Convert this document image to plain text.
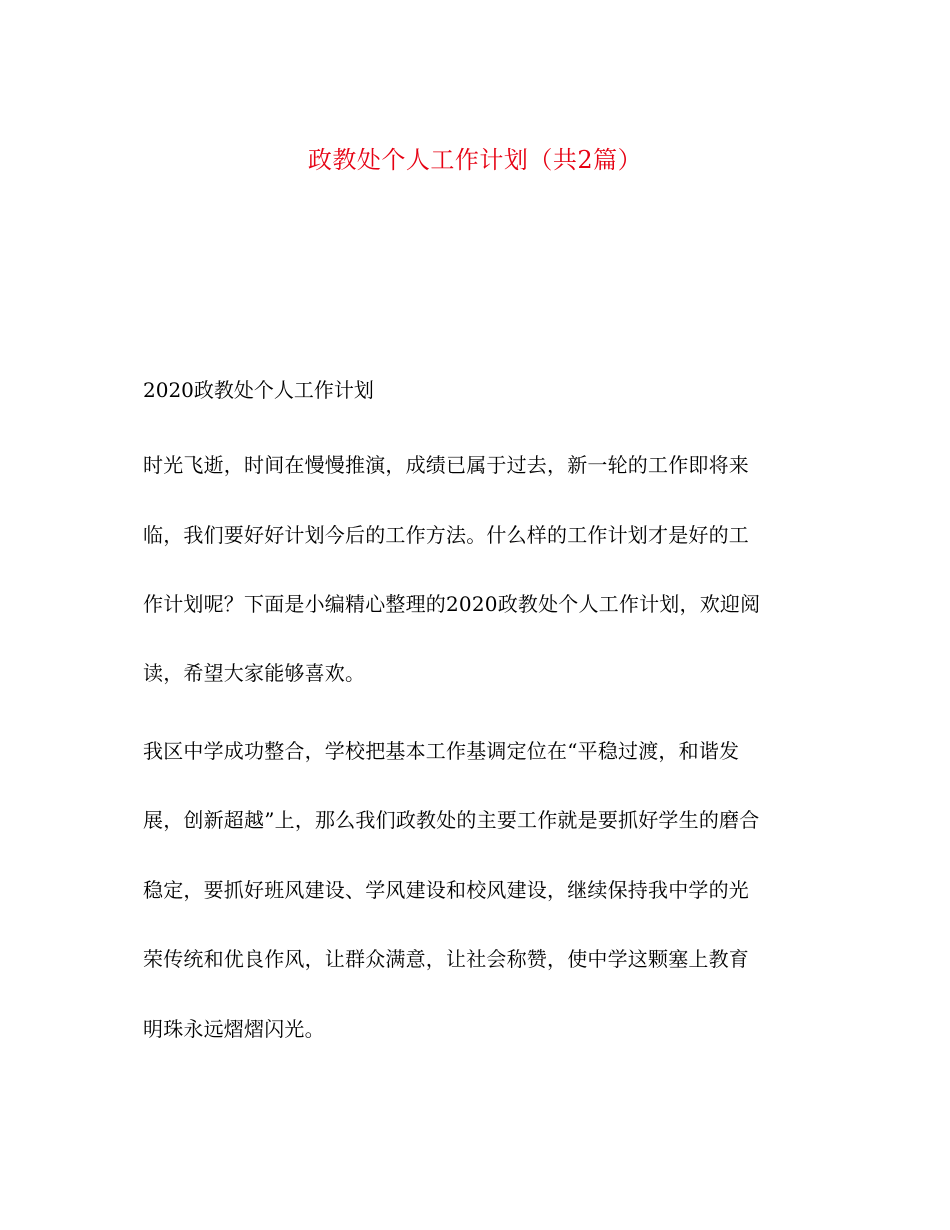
政教处个人工作计划（共2篇）
2020政教处个人工作计划
时光飞逝，时间在慢慢推演，成绩已属于过去，新一轮的工作即将来
临，我们要好好计划今后的工作方法。什么样的工作计划才是好的工
作计划呢？下面是小编精心整理的2020政教处个人工作计划，欢迎阅
读，希望大家能够喜欢。
我区中学成功整合，学校把基本工作基调定位在“平稳过渡，和谐发
展，创新超越”上，那么我们政教处的主要工作就是要抓好学生的磨合
稳定，要抓好班风建设、学风建设和校风建设，继续保持我中学的光
荣传统和优良作风，让群众满意，让社会称赞，使中学这颗塞上教育
明珠永远熠熠闪光。
